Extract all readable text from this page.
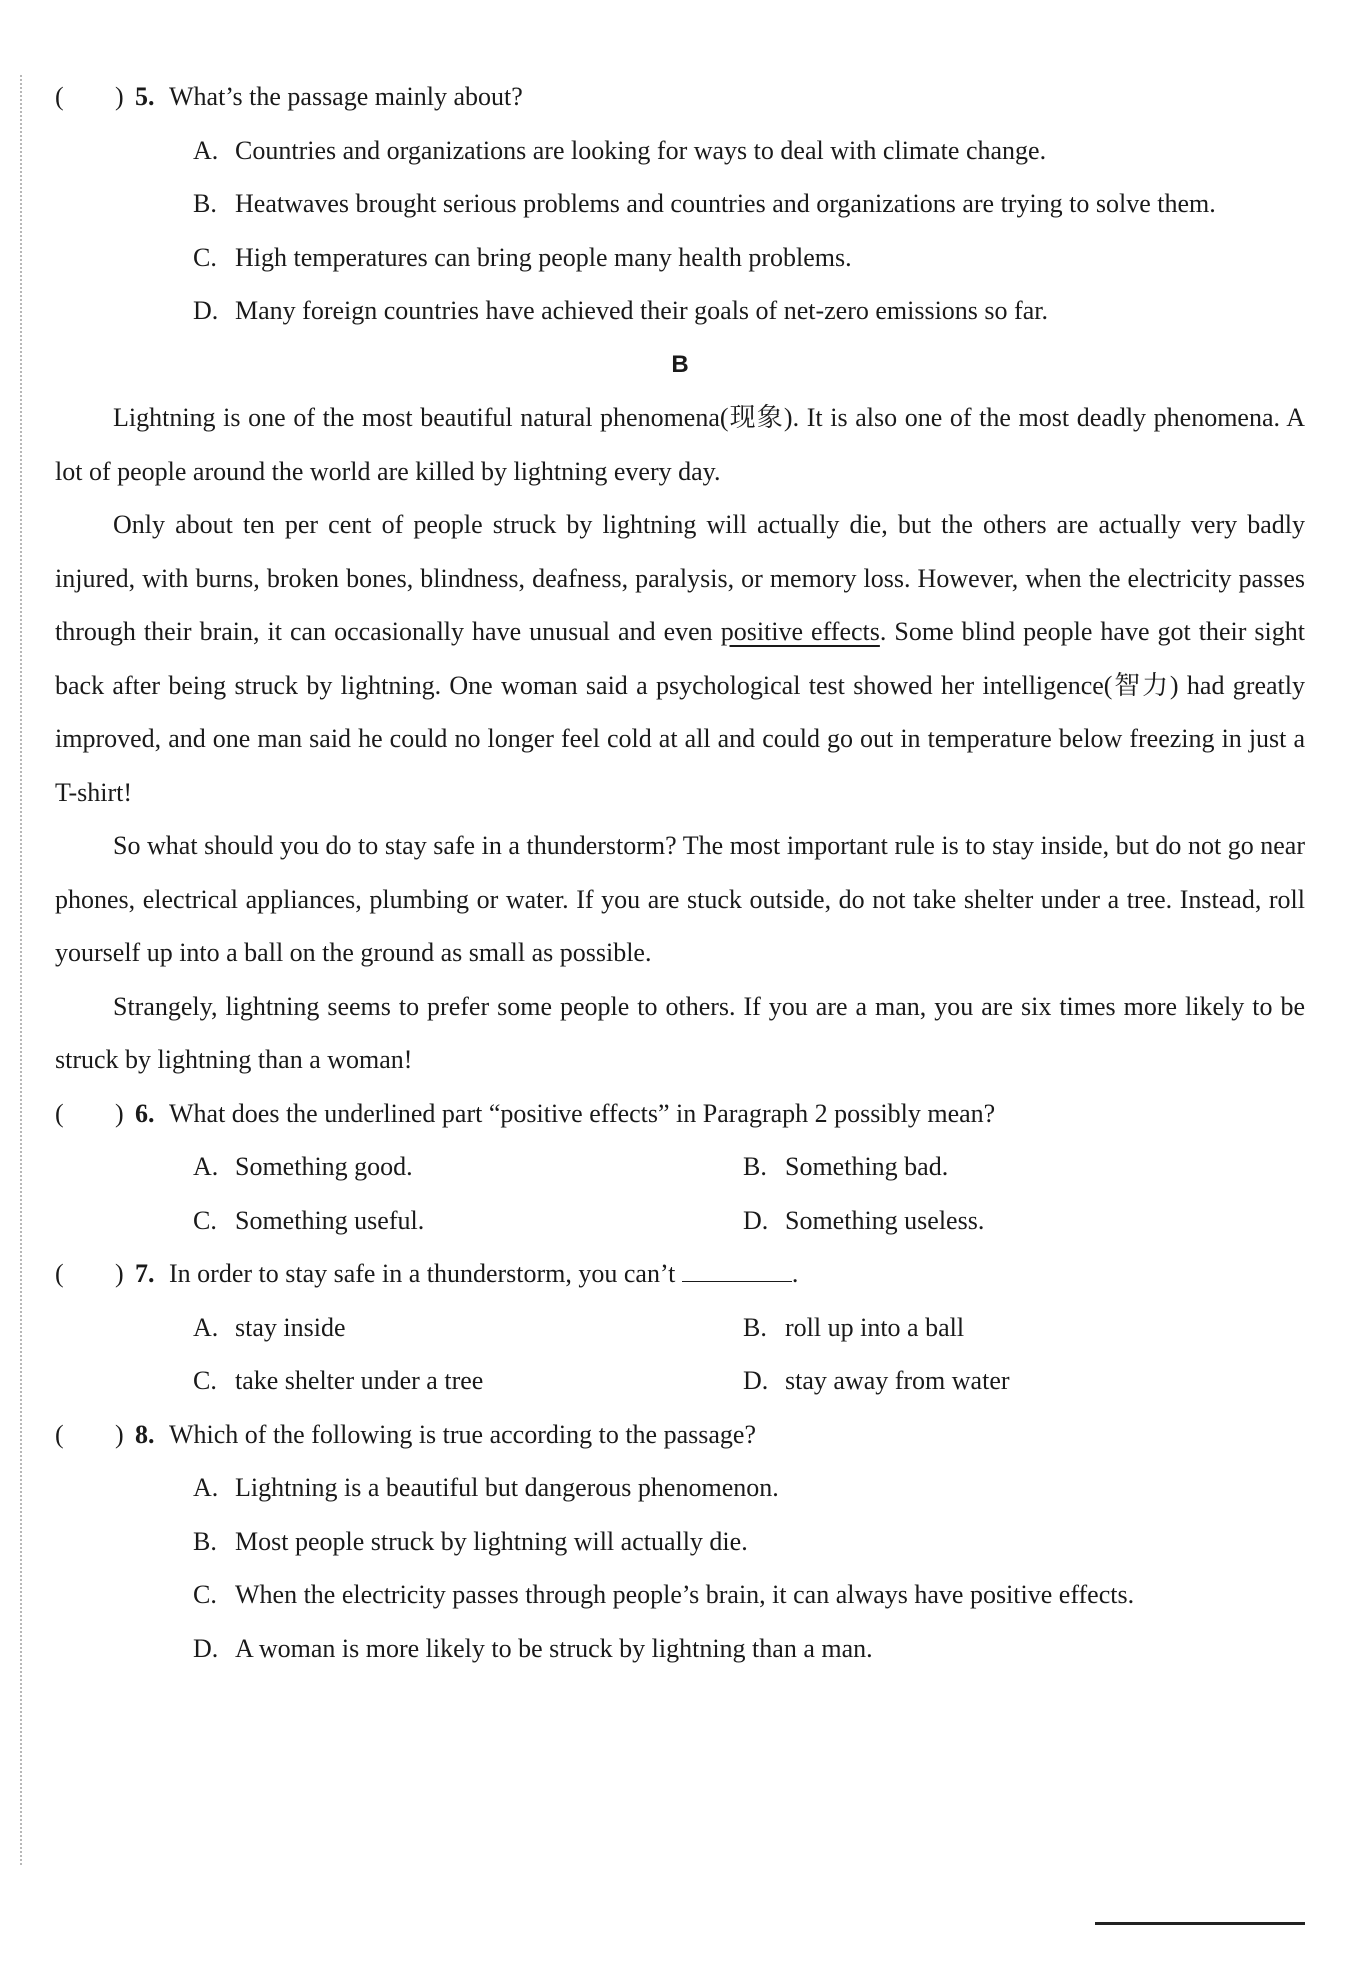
(	) 5. What’s the passage mainly about?
A. Countries and organizations are looking for ways to deal with climate change.
B. Heatwaves brought serious problems and countries and organizations are trying to solve them.
C. High temperatures can bring people many health problems.
D. Many foreign countries have achieved their goals of net-zero emissions so far.
B
Lightning is one of the most beautiful natural phenomena(现象). It is also one of the most deadly phenomena. A lot of people around the world are killed by lightning every day.
Only about ten per cent of people struck by lightning will actually die, but the others are actually very badly injured, with burns, broken bones, blindness, deafness, paralysis, or memory loss. However, when the electricity passes through their brain, it can occasionally have unusual and even positive effects. Some blind people have got their sight back after being struck by lightning. One woman said a psychological test showed her intelligence(智力) had greatly improved, and one man said he could no longer feel cold at all and could go out in temperature below freezing in just a T-shirt!
So what should you do to stay safe in a thunderstorm? The most important rule is to stay inside, but do not go near phones, electrical appliances, plumbing or water. If you are stuck outside, do not take shelter under a tree. Instead, roll yourself up into a ball on the ground as small as possible.
Strangely, lightning seems to prefer some people to others. If you are a man, you are six times more likely to be struck by lightning than a woman!
(	) 6. What does the underlined part “positive effects” in Paragraph 2 possibly mean?
A. Something good.	B. Something bad.
C. Something useful.	D. Something useless.
(	) 7. In order to stay safe in a thunderstorm, you can’t	.
A. stay inside	B. roll up into a ball
C. take shelter under a tree	D. stay away from water
(	) 8. Which of the following is true according to the passage?
A. Lightning is a beautiful but dangerous phenomenon.
B. Most people struck by lightning will actually die.
C. When the electricity passes through people’s brain, it can always have positive effects.
D. A woman is more likely to be struck by lightning than a man.
